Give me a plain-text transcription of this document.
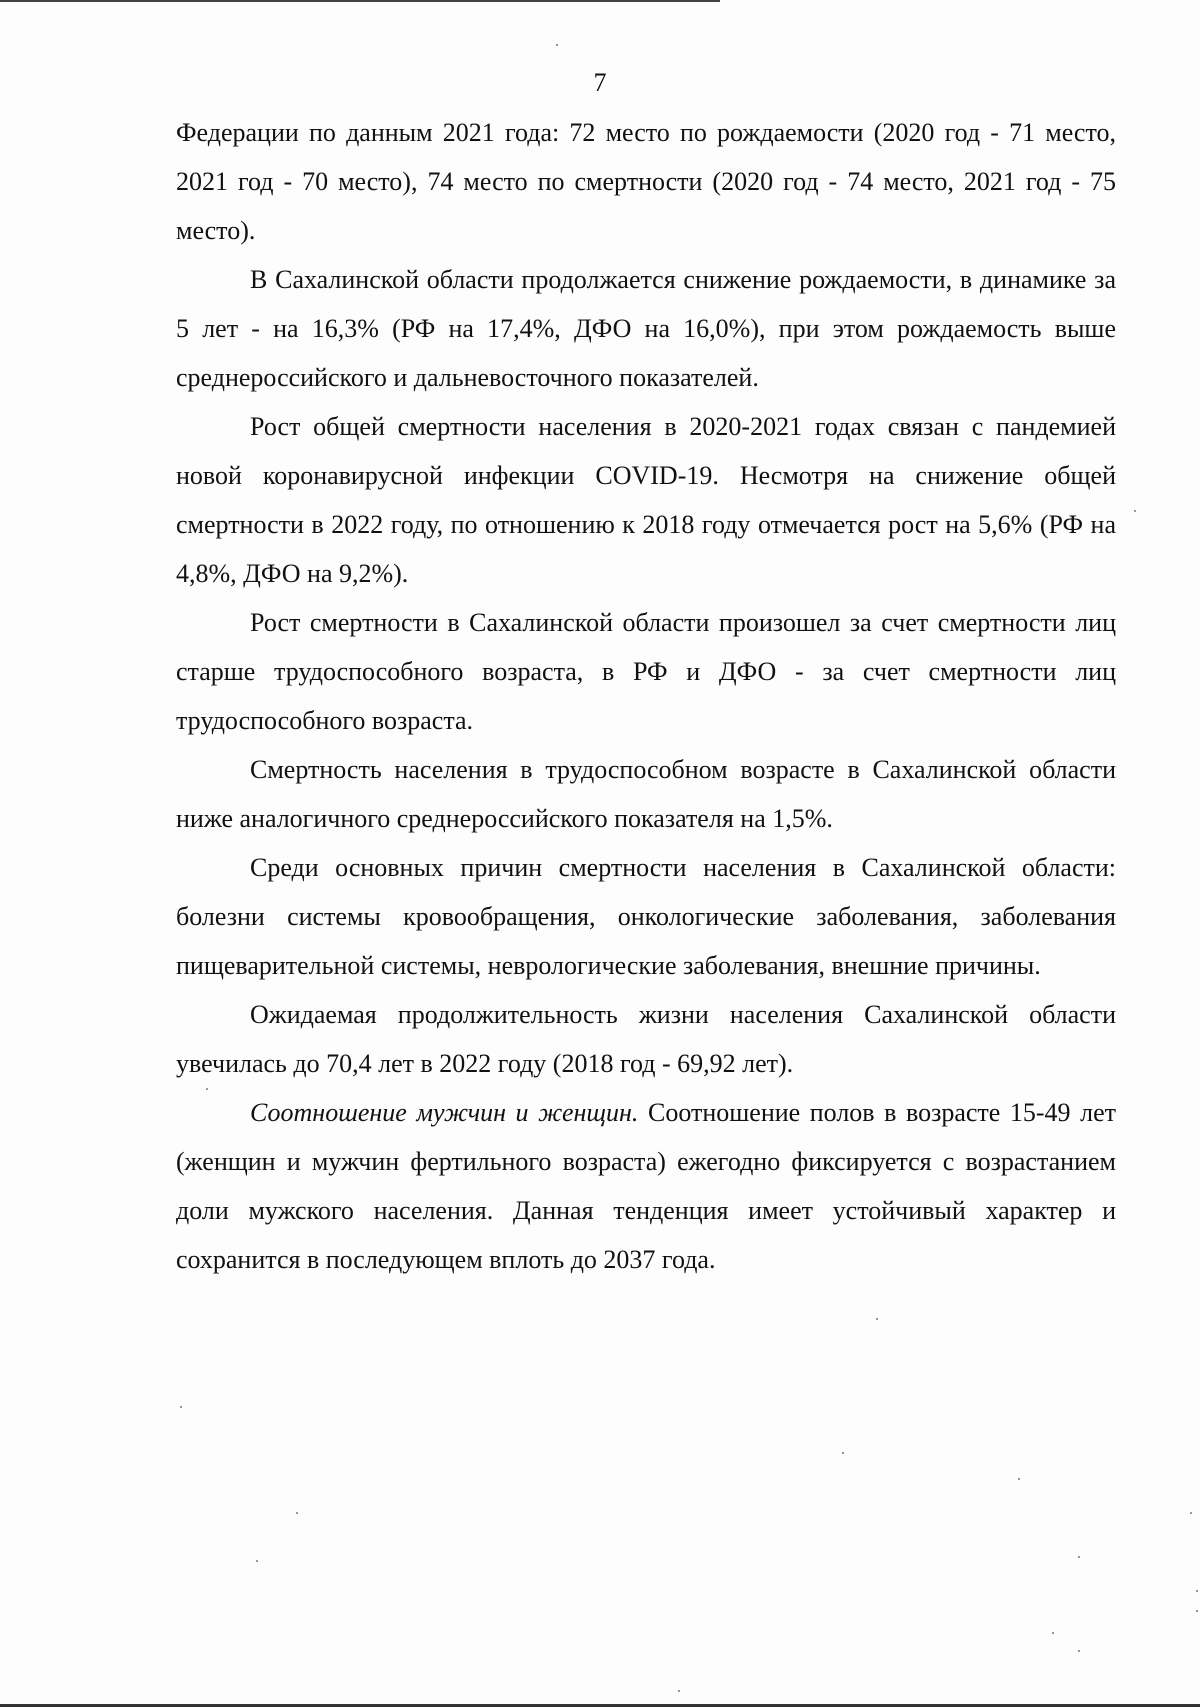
7

Федерации по данным 2021 года: 72 место по рождаемости (2020 год - 71 место, 2021 год - 70 место), 74 место по смертности (2020 год - 74 место, 2021 год - 75 место).

В Сахалинской области продолжается снижение рождаемости, в динамике за 5 лет - на 16,3% (РФ на 17,4%, ДФО на 16,0%), при этом рождаемость выше среднероссийского и дальневосточного показателей.

Рост общей смертности населения в 2020-2021 годах связан с пандемией новой коронавирусной инфекции COVID-19. Несмотря на снижение общей смертности в 2022 году, по отношению к 2018 году отмечается рост на 5,6% (РФ на 4,8%, ДФО на 9,2%).

Рост смертности в Сахалинской области произошел за счет смертности лиц старше трудоспособного возраста, в РФ и ДФО - за счет смертности лиц трудоспособного возраста.

Смертность населения в трудоспособном возрасте в Сахалинской области ниже аналогичного среднероссийского показателя на 1,5%.

Среди основных причин смертности населения в Сахалинской области: болезни системы кровообращения, онкологические заболевания, заболевания пищеварительной системы, неврологические заболевания, внешние причины.

Ожидаемая продолжительность жизни населения Сахалинской области увечилась до 70,4 лет в 2022 году (2018 год - 69,92 лет).

Соотношение мужчин и женщин. Соотношение полов в возрасте 15-49 лет (женщин и мужчин фертильного возраста) ежегодно фиксируется с возрастанием доли мужского населения. Данная тенденция имеет устойчивый характер и сохранится в последующем вплоть до 2037 года.
